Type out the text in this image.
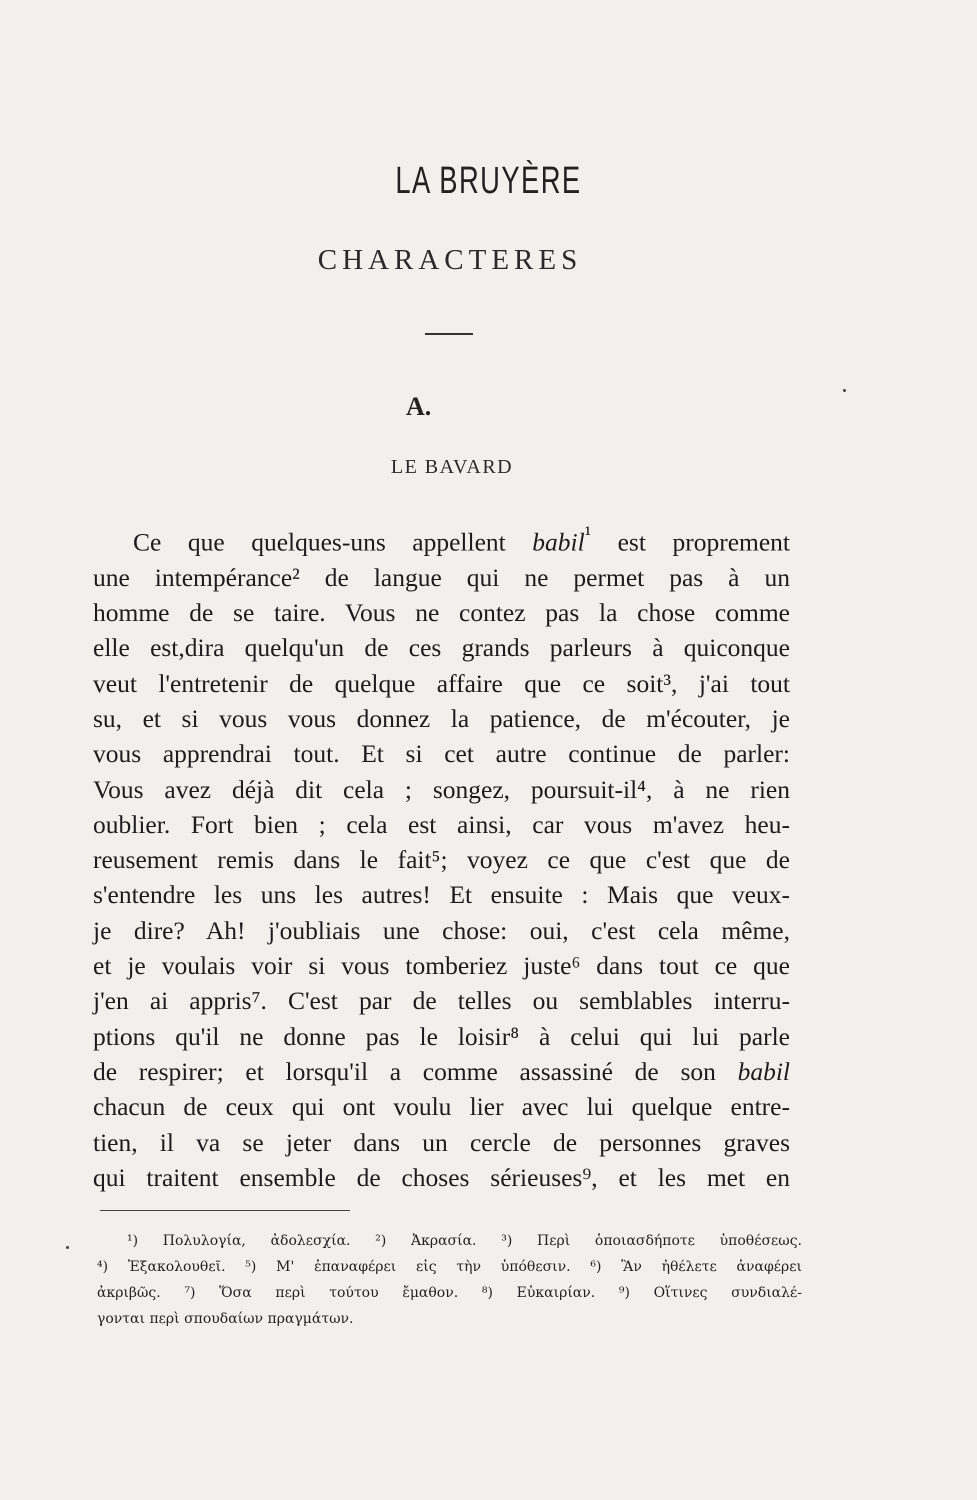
LA BRUYÈRE
CHARACTERES
A.
LE BAVARD
Ce que quelques-uns appellent babil$^{^1}$ est proprement
une intempérance² de langue qui ne permet pas à un
homme de se taire. Vous ne contez pas la chose comme
elle est,dira quelqu'un de ces grands parleurs à quiconque
veut l'entretenir de quelque affaire que ce soit³, j'ai tout
su, et si vous vous donnez la patience, de m'écouter, je
vous apprendrai tout. Et si cet autre continue de parler:
Vous avez déjà dit cela ; songez, poursuit-il⁴, à ne rien
oublier. Fort bien ; cela est ainsi, car vous m'avez heu-
reusement remis dans le fait⁵; voyez ce que c'est que de
s'entendre les uns les autres! Et ensuite : Mais que veux-
je dire? Ah! j'oubliais une chose: oui, c'est cela même,
et je voulais voir si vous tomberiez juste⁶ dans tout ce que
j'en ai appris⁷. C'est par de telles ou semblables interru-
ptions qu'il ne donne pas le loisir⁸ à celui qui lui parle
de respirer; et lorsqu'il a comme assassiné de son babil
chacun de ceux qui ont voulu lier avec lui quelque entre-
tien, il va se jeter dans un cercle de personnes graves
qui traitent ensemble de choses sérieuses⁹, et les met en
¹) Πολυλογία, ἀδολεσχία. ²) Ἀκρασία. ³) Περὶ ὁποιασδήποτε ὑποθέσεως.
⁴) Ἐξακολουθεῖ. ⁵) Μ' ἐπαναφέρει εἰς τὴν ὑπόθεσιν. ⁶) Ἂν ἠθέλετε ἀναφέρει
ἀκριβῶς. ⁷) Ὅσα περὶ τούτου ἔμαθον. ⁸) Εὐκαιρίαν. ⁹) Οἵτινες συνδιαλέ-
γονται περὶ σπουδαίων πραγμάτων.
